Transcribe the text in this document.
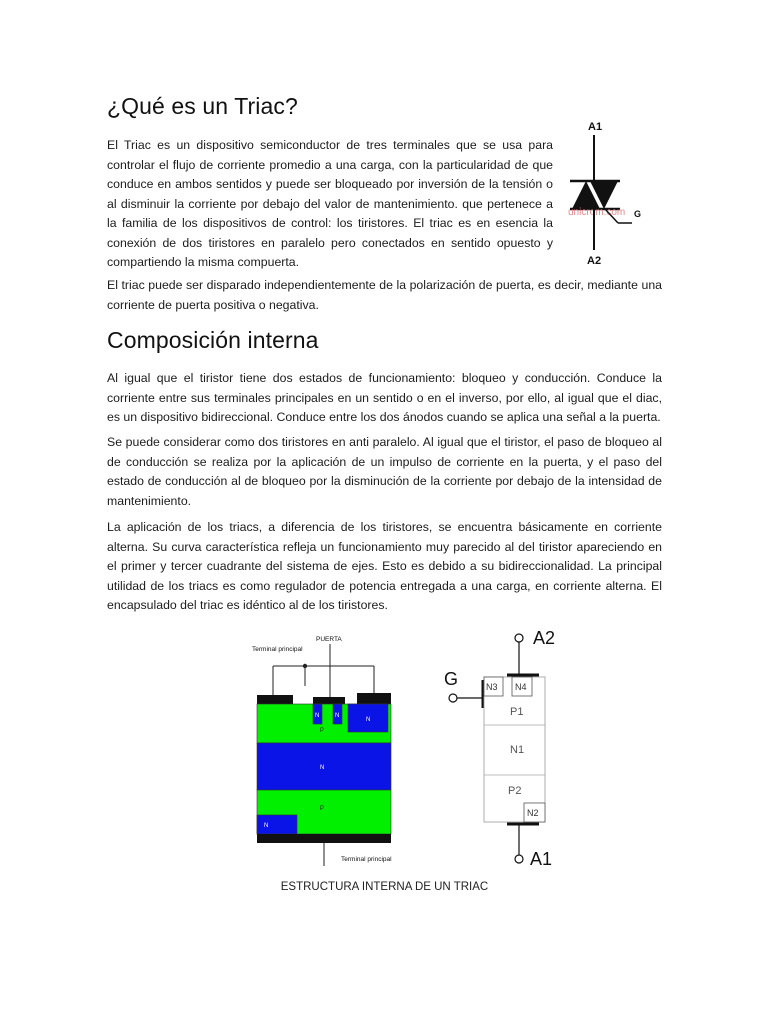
¿Qué es un Triac?
El Triac es un dispositivo semiconductor de tres terminales que se usa para controlar el flujo de corriente promedio a una carga, con la particularidad de que conduce en ambos sentidos y puede ser bloqueado por inversión de la tensión o al disminuir la corriente por debajo del valor de mantenimiento. que pertenece a la familia de los dispositivos de control: los tiristores. El triac es en esencia la conexión de dos tiristores en paralelo pero conectados en sentido opuesto y compartiendo la misma compuerta.
A1
unicrom.com G
A2
El triac puede ser disparado independientemente de la polarización de puerta, es decir, mediante una corriente de puerta positiva o negativa.
Composición interna
Al igual que el tiristor tiene dos estados de funcionamiento: bloqueo y conducción. Conduce la corriente entre sus terminales principales en un sentido o en el inverso, por ello, al igual que el diac, es un dispositivo bidireccional. Conduce entre los dos ánodos cuando se aplica una señal a la puerta.
Se puede considerar como dos tiristores en anti paralelo. Al igual que el tiristor, el paso de bloqueo al de conducción se realiza por la aplicación de un impulso de corriente en la puerta, y el paso del estado de conducción al de bloqueo por la disminución de la corriente por debajo de la intensidad de mantenimiento.
La aplicación de los triacs, a diferencia de los tiristores, se encuentra básicamente en corriente alterna. Su curva característica refleja un funcionamiento muy parecido al del tiristor apareciendo en el primer y tercer cuadrante del sistema de ejes. Esto es debido a su bidireccionalidad. La principal utilidad de los triacs es como regulador de potencia entregada a una carga, en corriente alterna. El encapsulado del triac es idéntico al de los tiristores.
Terminal principal
PUERTA
N	N
N
P
N
P
N
Terminal principal
A2
G	N3 N4
P1
N1
P2
N2
A1
ESTRUCTURA INTERNA DE UN TRIAC
